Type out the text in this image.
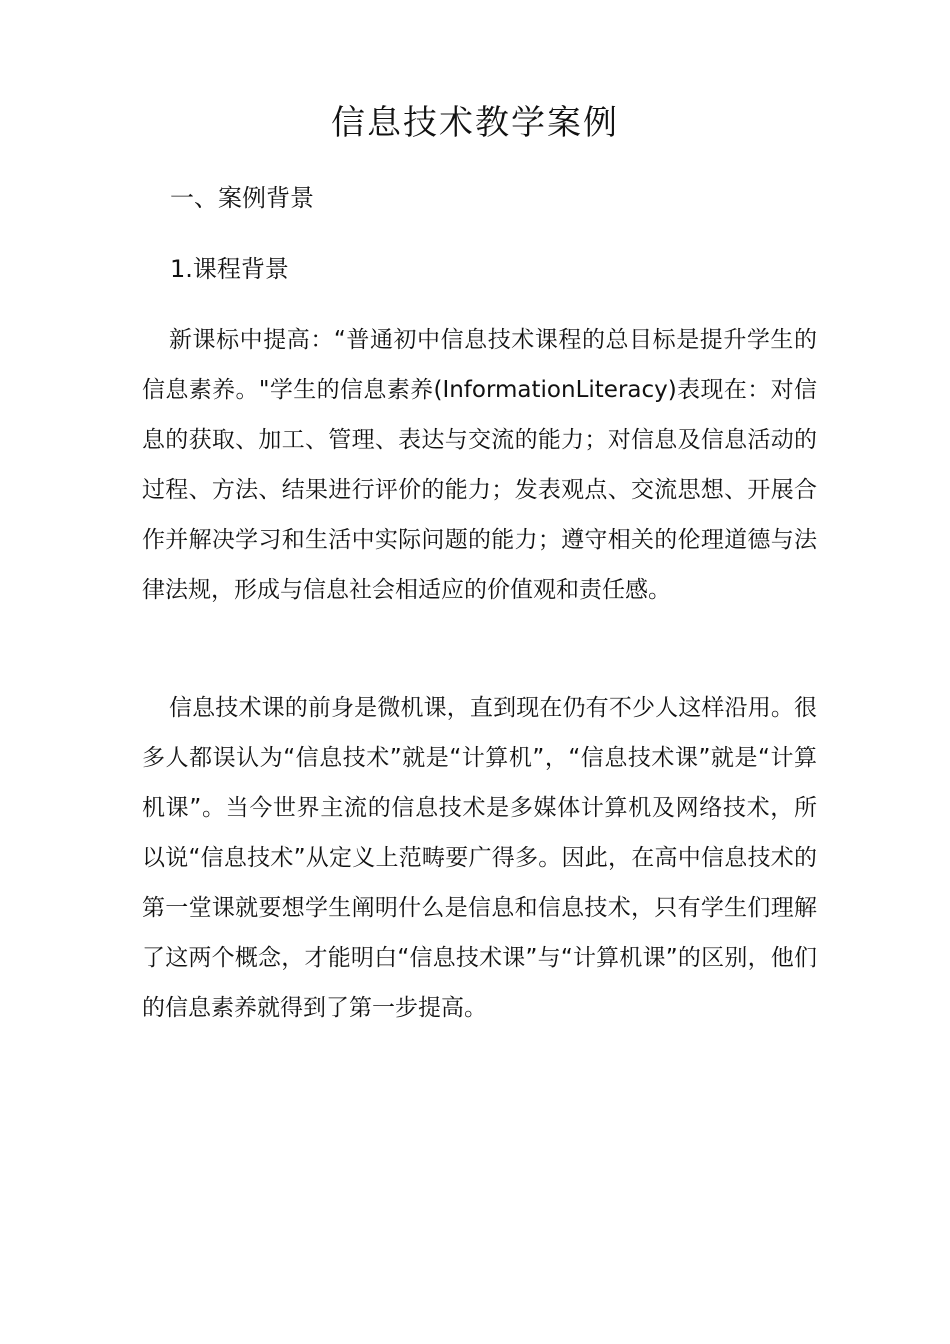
信息技术教学案例
一、案例背景
1.课程背景

新课标中提高：“普通初中信息技术课程的总目标是提升学生的信息素养。"学生的信息素养(InformationLiteracy)表现在：对信息的获取、加工、管理、表达与交流的能力；对信息及信息活动的过程、方法、结果进行评价的能力；发表观点、交流思想、开展合作并解决学习和生活中实际问题的能力；遵守相关的伦理道德与法律法规，形成与信息社会相适应的价值观和责任感。

信息技术课的前身是微机课，直到现在仍有不少人这样沿用。很多人都误认为“信息技术”就是“计算机”，“信息技术课”就是“计算机课”。当今世界主流的信息技术是多媒体计算机及网络技术，所以说“信息技术”从定义上范畴要广得多。因此，在高中信息技术的第一堂课就要想学生阐明什么是信息和信息技术，只有学生们理解了这两个概念，才能明白“信息技术课”与“计算机课”的区别，他们的信息素养就得到了第一步提高。
